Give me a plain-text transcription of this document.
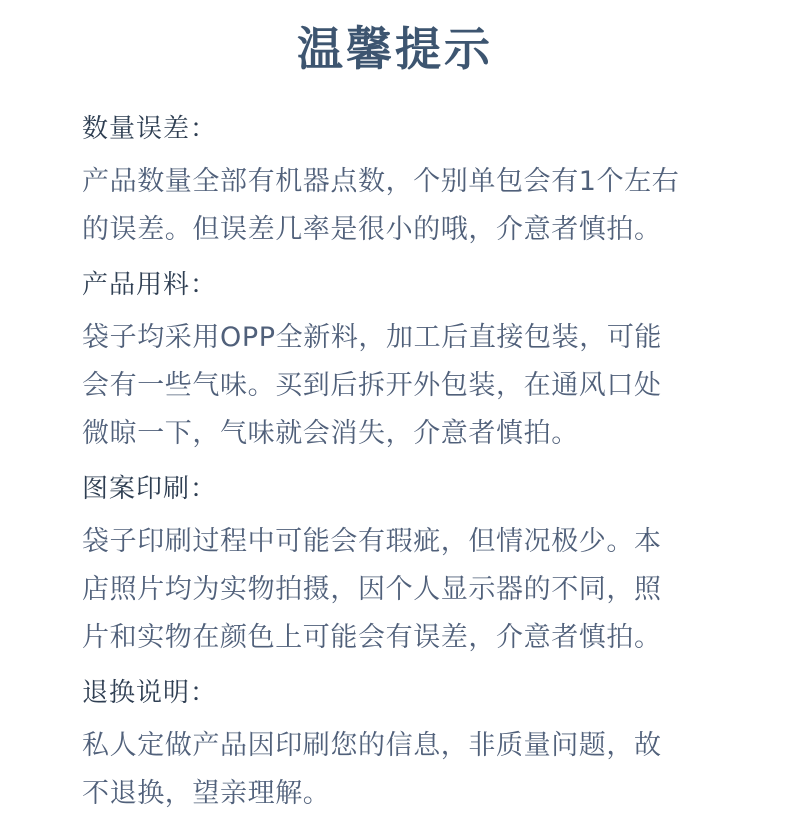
温馨提示
数量误差：
产品数量全部有机器点数，个别单包会有1个左右
的误差。但误差几率是很小的哦，介意者慎拍。
产品用料：
袋子均采用OPP全新料，加工后直接包装，可能
会有一些气味。买到后拆开外包装，在通风口处
微晾一下，气味就会消失，介意者慎拍。
图案印刷：
袋子印刷过程中可能会有瑕疵，但情况极少。本
店照片均为实物拍摄，因个人显示器的不同，照
片和实物在颜色上可能会有误差，介意者慎拍。
退换说明：
私人定做产品因印刷您的信息，非质量问题，故
不退换，望亲理解。
